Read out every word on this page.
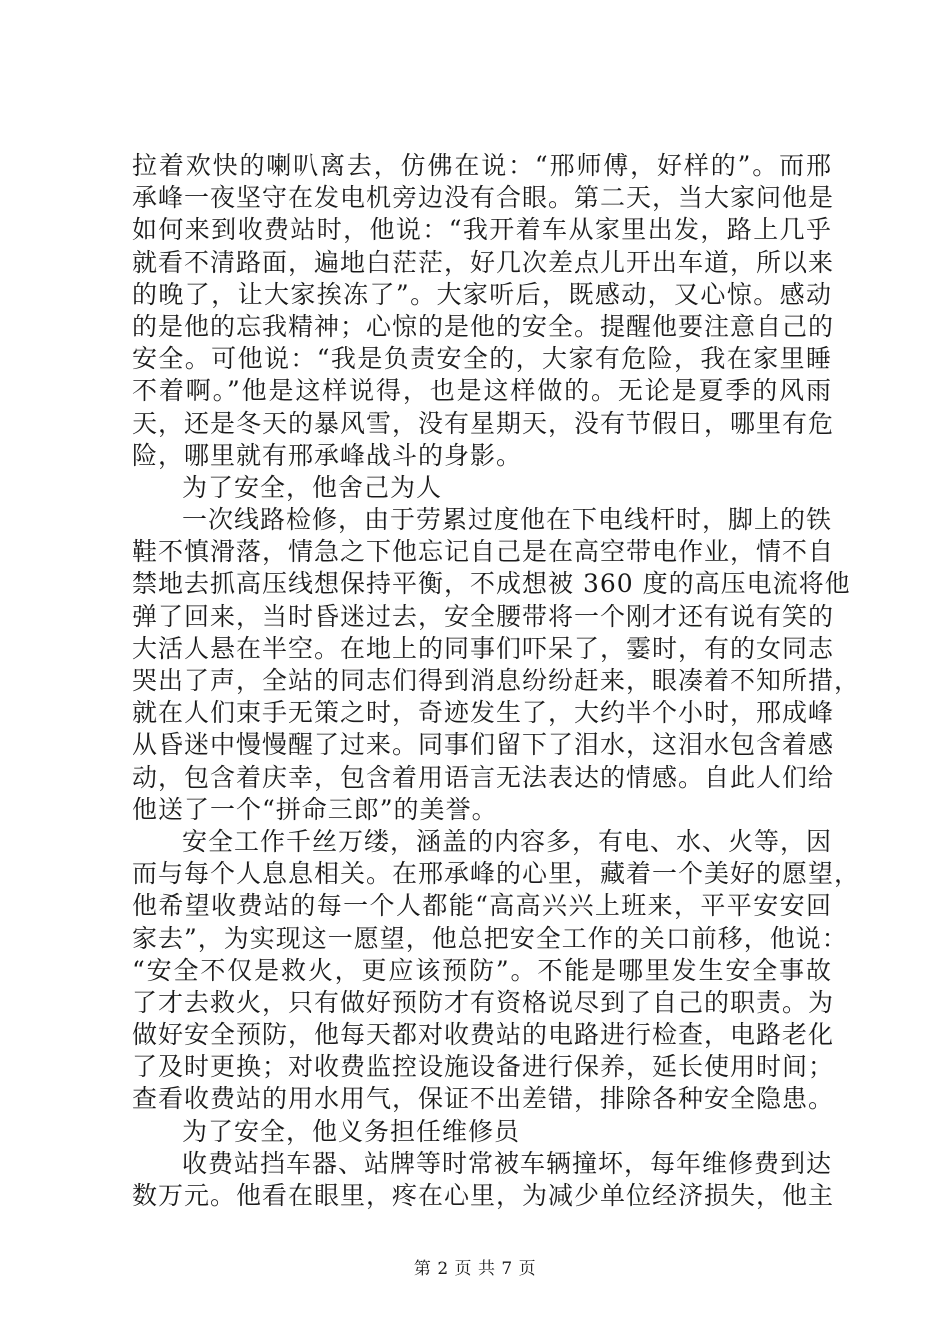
拉着欢快的喇叭离去，仿佛在说：“邢师傅，好样的”。而邢
承峰一夜坚守在发电机旁边没有合眼。第二天，当大家问他是
如何来到收费站时，他说：“我开着车从家里出发，路上几乎
就看不清路面，遍地白茫茫，好几次差点儿开出车道，所以来
的晚了，让大家挨冻了”。大家听后，既感动，又心惊。感动
的是他的忘我精神；心惊的是他的安全。提醒他要注意自己的
安全。可他说：“我是负责安全的，大家有危险，我在家里睡
不着啊。”他是这样说得，也是这样做的。无论是夏季的风雨
天，还是冬天的暴风雪，没有星期天，没有节假日，哪里有危
险，哪里就有邢承峰战斗的身影。
为了安全，他舍己为人
一次线路检修，由于劳累过度他在下电线杆时，脚上的铁
鞋不慎滑落，情急之下他忘记自己是在高空带电作业，情不自
禁地去抓高压线想保持平衡，不成想被 360 度的高压电流将他
弹了回来，当时昏迷过去，安全腰带将一个刚才还有说有笑的
大活人悬在半空。在地上的同事们吓呆了，霎时，有的女同志
哭出了声，全站的同志们得到消息纷纷赶来，眼凑着不知所措，
就在人们束手无策之时，奇迹发生了，大约半个小时，邢成峰
从昏迷中慢慢醒了过来。同事们留下了泪水，这泪水包含着感
动，包含着庆幸，包含着用语言无法表达的情感。自此人们给
他送了一个“拼命三郎”的美誉。
安全工作千丝万缕，涵盖的内容多，有电、水、火等，因
而与每个人息息相关。在邢承峰的心里，藏着一个美好的愿望，
他希望收费站的每一个人都能“高高兴兴上班来，平平安安回
家去”，为实现这一愿望，他总把安全工作的关口前移，他说：
“安全不仅是救火，更应该预防”。不能是哪里发生安全事故
了才去救火，只有做好预防才有资格说尽到了自己的职责。为
做好安全预防，他每天都对收费站的电路进行检查，电路老化
了及时更换；对收费监控设施设备进行保养，延长使用时间；
查看收费站的用水用气，保证不出差错，排除各种安全隐患。
为了安全，他义务担任维修员
收费站挡车器、站牌等时常被车辆撞坏，每年维修费到达
数万元。他看在眼里，疼在心里，为减少单位经济损失，他主
第 2 页 共 7 页
